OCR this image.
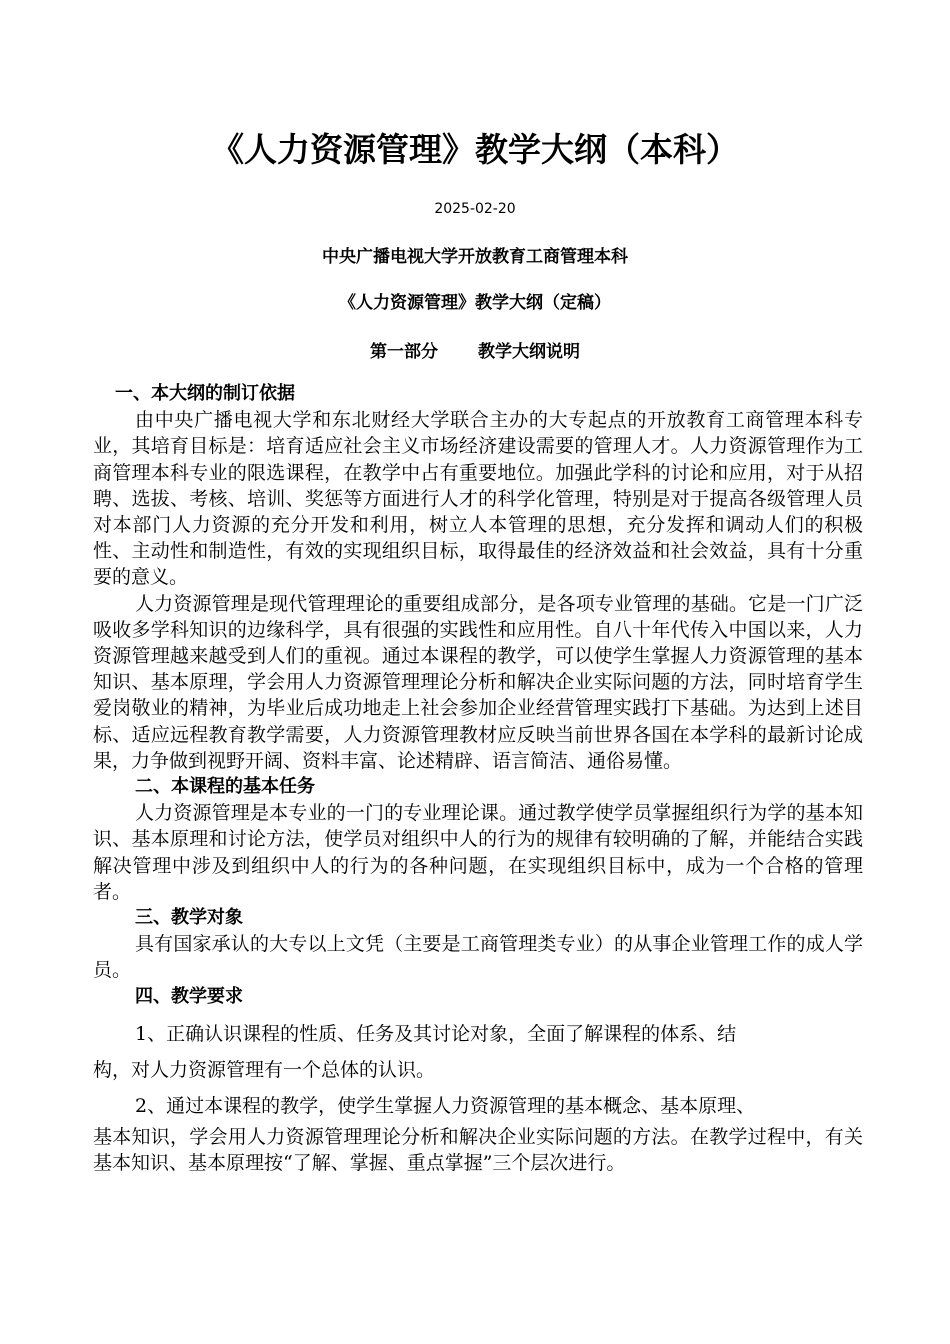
《人力资源管理》教学大纲（本科）
2025-02-20
中央广播电视大学开放教育工商管理本科
《人力资源管理》教学大纲（定稿）
第一部分 教学大纲说明
一、本大纲的制订依据

由中央广播电视大学和东北财经大学联合主办的大专起点的开放教育工商管理本科专业，其培育目标是：培育适应社会主义市场经济建设需要的管理人才。人力资源管理作为工商管理本科专业的限选课程，在教学中占有重要地位。加强此学科的讨论和应用，对于从招聘、选拔、考核、培训、奖惩等方面进行人才的科学化管理，特别是对于提高各级管理人员对本部门人力资源的充分开发和利用，树立人本管理的思想，充分发挥和调动人们的积极性、主动性和制造性，有效的实现组织目标，取得最佳的经济效益和社会效益，具有十分重要的意义。

人力资源管理是现代管理理论的重要组成部分，是各项专业管理的基础。它是一门广泛吸收多学科知识的边缘科学，具有很强的实践性和应用性。自八十年代传入中国以来，人力资源管理越来越受到人们的重视。通过本课程的教学，可以使学生掌握人力资源管理的基本知识、基本原理，学会用人力资源管理理论分析和解决企业实际问题的方法，同时培育学生爱岗敬业的精神，为毕业后成功地走上社会参加企业经营管理实践打下基础。为达到上述目标、适应远程教育教学需要，人力资源管理教材应反映当前世界各国在本学科的最新讨论成果，力争做到视野开阔、资料丰富、论述精辟、语言简洁、通俗易懂。

二、本课程的基本任务

人力资源管理是本专业的一门的专业理论课。通过教学使学员掌握组织行为学的基本知识、基本原理和讨论方法，使学员对组织中人的行为的规律有较明确的了解，并能结合实践解决管理中涉及到组织中人的行为的各种问题，在实现组织目标中，成为一个合格的管理者。

三、教学对象

具有国家承认的大专以上文凭（主要是工商管理类专业）的从事企业管理工作的成人学员。

四、教学要求

1、正确认识课程的性质、任务及其讨论对象，全面了解课程的体系、结

构，对人力资源管理有一个总体的认识。

2、通过本课程的教学，使学生掌握人力资源管理的基本概念、基本原理、

基本知识，学会用人力资源管理理论分析和解决企业实际问题的方法。在教学过程中，有关基本知识、基本原理按“了解、掌握、重点掌握”三个层次进行。
